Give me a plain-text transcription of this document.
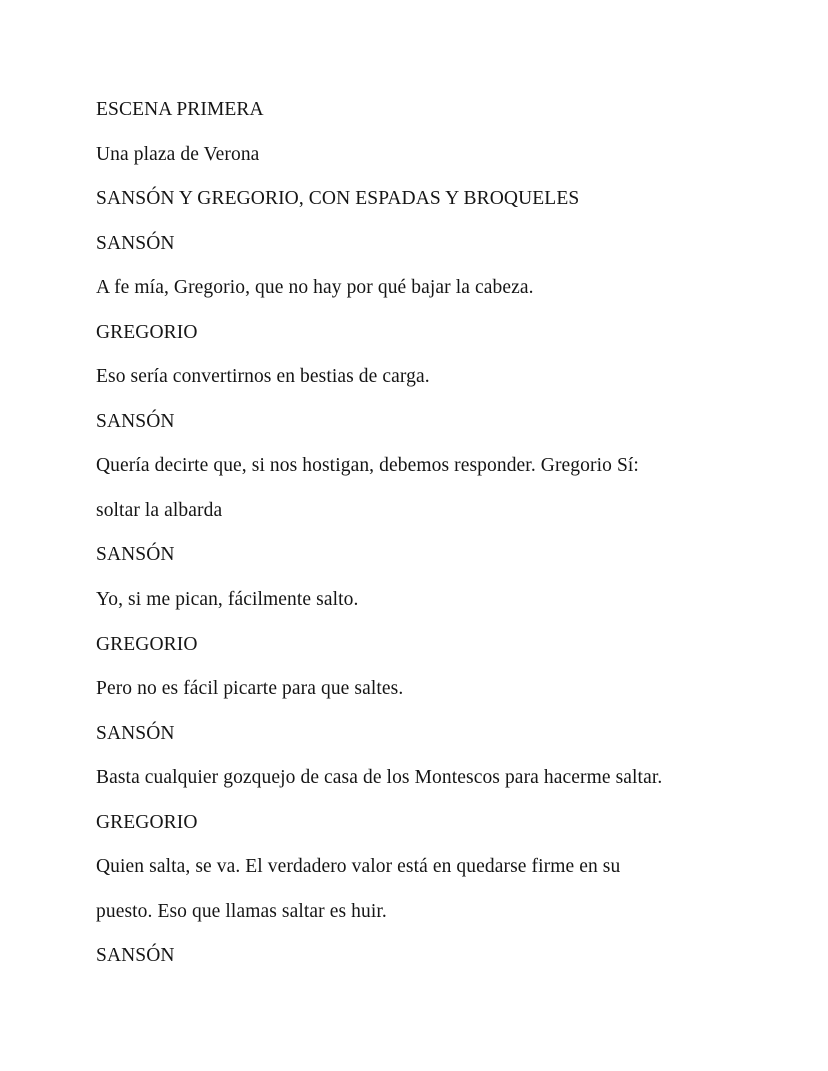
ESCENA PRIMERA

Una plaza de Verona

SANSÓN Y GREGORIO, CON ESPADAS Y BROQUELES

SANSÓN

A fe mía, Gregorio, que no hay por qué bajar la cabeza.

GREGORIO

Eso sería convertirnos en bestias de carga.

SANSÓN

Quería decirte que, si nos hostigan, debemos responder. Gregorio Sí:

soltar la albarda

SANSÓN

Yo, si me pican, fácilmente salto.

GREGORIO

Pero no es fácil picarte para que saltes.

SANSÓN

Basta cualquier gozquejo de casa de los Montescos para hacerme saltar.

GREGORIO

Quien salta, se va. El verdadero valor está en quedarse firme en su

puesto. Eso que llamas saltar es huir.

SANSÓN
